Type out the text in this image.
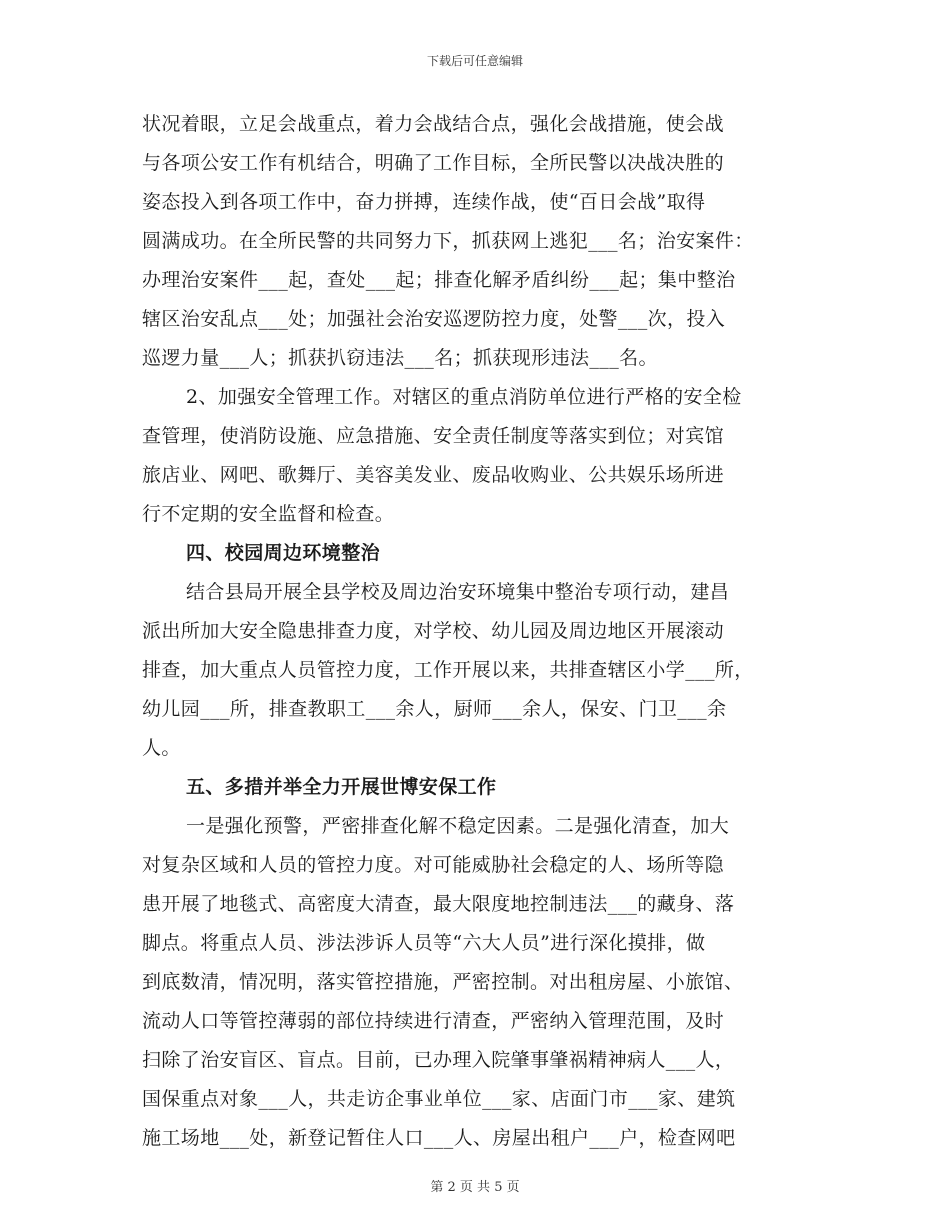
下载后可任意编辑
状况着眼，立足会战重点，着力会战结合点，强化会战措施，使会战
与各项公安工作有机结合，明确了工作目标，全所民警以决战决胜的
姿态投入到各项工作中，奋力拼搏，连续作战，使“百日会战”取得
圆满成功。在全所民警的共同努力下，抓获网上逃犯___名；治安案件：
办理治安案件___起，查处___起；排查化解矛盾纠纷___起；集中整治
辖区治安乱点___处；加强社会治安巡逻防控力度，处警___次，投入
巡逻力量___人；抓获扒窃违法___名；抓获现形违法___名。
2、加强安全管理工作。对辖区的重点消防单位进行严格的安全检
查管理，使消防设施、应急措施、安全责任制度等落实到位；对宾馆
旅店业、网吧、歌舞厅、美容美发业、废品收购业、公共娱乐场所进
行不定期的安全监督和检查。
四、校园周边环境整治
结合县局开展全县学校及周边治安环境集中整治专项行动，建昌
派出所加大安全隐患排查力度，对学校、幼儿园及周边地区开展滚动
排查，加大重点人员管控力度，工作开展以来，共排查辖区小学___所，
幼儿园___所，排查教职工___余人，厨师___余人，保安、门卫___余
人。
五、多措并举全力开展世博安保工作
一是强化预警，严密排查化解不稳定因素。二是强化清查，加大
对复杂区域和人员的管控力度。对可能威胁社会稳定的人、场所等隐
患开展了地毯式、高密度大清查，最大限度地控制违法___的藏身、落
脚点。将重点人员、涉法涉诉人员等“六大人员”进行深化摸排，做
到底数清，情况明，落实管控措施，严密控制。对出租房屋、小旅馆、
流动人口等管控薄弱的部位持续进行清查，严密纳入管理范围，及时
扫除了治安盲区、盲点。目前，已办理入院肇事肇祸精神病人___人，
国保重点对象___人，共走访企事业单位___家、店面门市___家、建筑
施工场地___处，新登记暂住人口___人、房屋出租户___户，检查网吧
第 2 页 共 5 页
